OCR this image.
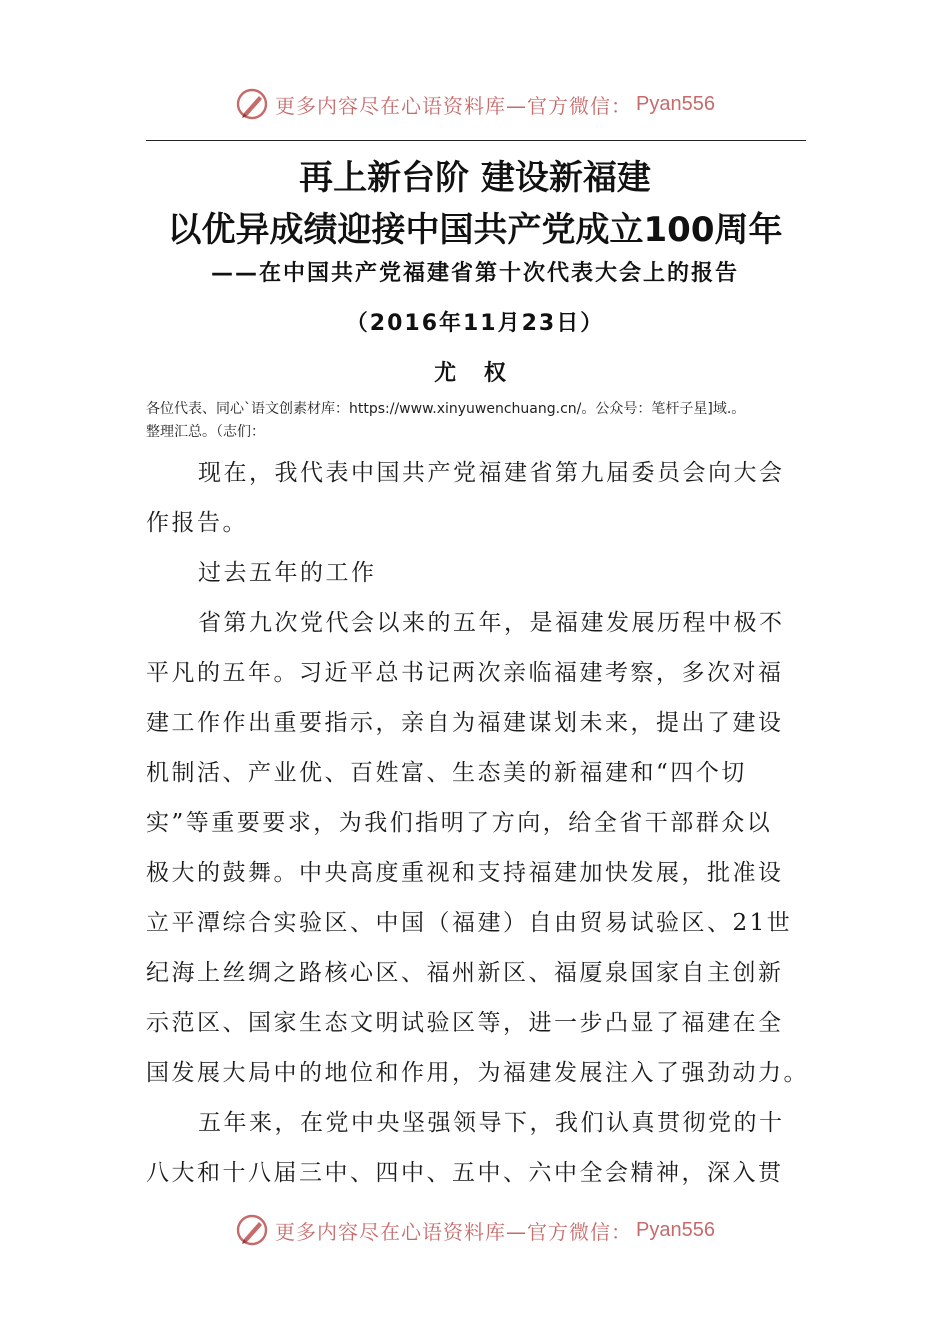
更多内容尽在心语资料库—官方微信： Pyan556
再上新台阶 建设新福建
以优异成绩迎接中国共产党成立100周年
——在中国共产党福建省第十次代表大会上的报告
（2016年11月23日）
尤 权
各位代表、同心`语文创素材库：https://www.xinyuwenchuang.cn/。公众号：笔杆子星]域.。
整理汇总。（志们：
现在，我代表中国共产党福建省第九届委员会向大会
作报告。
过去五年的工作
省第九次党代会以来的五年，是福建发展历程中极不
平凡的五年。习近平总书记两次亲临福建考察，多次对福
建工作作出重要指示，亲自为福建谋划未来，提出了建设
机制活、产业优、百姓富、生态美的新福建和“四个切
实”等重要要求，为我们指明了方向，给全省干部群众以
极大的鼓舞。中央高度重视和支持福建加快发展，批准设
立平潭综合实验区、中国（福建）自由贸易试验区、21世
纪海上丝绸之路核心区、福州新区、福厦泉国家自主创新
示范区、国家生态文明试验区等，进一步凸显了福建在全
国发展大局中的地位和作用，为福建发展注入了强劲动力。
五年来，在党中央坚强领导下，我们认真贯彻党的十
八大和十八届三中、四中、五中、六中全会精神，深入贯
更多内容尽在心语资料库—官方微信： Pyan556
